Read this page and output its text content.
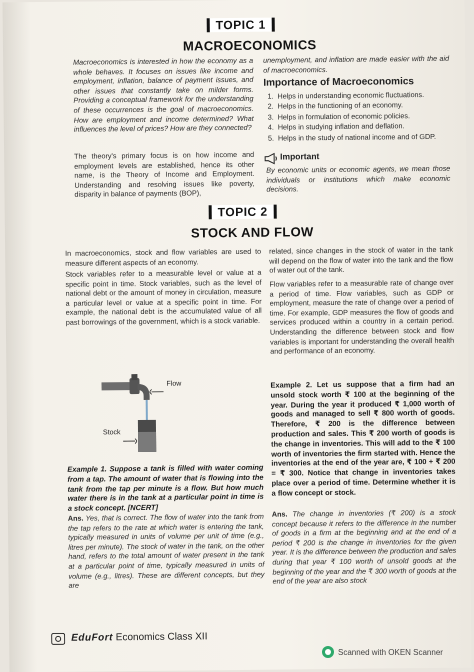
TOPIC 1
MACROECONOMICS
Macroeconomics is interested in how the economy as a whole behaves. It focuses on issues like income and employment, inflation, balance of payment issues, and other issues that constantly take on milder forms. Providing a conceptual framework for the understanding of these occurrences is the goal of macroeconomics. How are employment and income determined? What influences the level of prices? How are they connected?
The theory's primary focus is on how income and employment levels are established, hence its other name, is the Theory of Income and Employment. Understanding and resolving issues like poverty, disparity in balance of payments (BOP),
unemployment, and inflation are made easier with the aid of macroeconomics.
Importance of Macroeconomics
1. Helps in understanding economic fluctuations.
2. Helps in the functioning of an economy.
3. Helps in formulation of economic policies.
4. Helps in studying inflation and deflation.
5. Helps in the study of national income and of GDP.
Important
By economic units or economic agents, we mean those individuals or institutions which make economic decisions.
TOPIC 2
STOCK AND FLOW
In macroeconomics, stock and flow variables are used to measure different aspects of an economy.
Stock variables refer to a measurable level or value at a specific point in time. Stock variables, such as the level of national debt or the amount of money in circulation, measure a particular level or value at a specific point in time. For example, the national debt is the accumulated value of all past borrowings of the government, which is a stock variable.
Flow
Stock
Example 1. Suppose a tank is filled with water coming from a tap. The amount of water that is flowing into the tank from the tap per minute is a flow. But how much water there is in the tank at a particular point in time is a stock concept. [NCERT]
Ans. Yes, that is correct. The flow of water into the tank from the tap refers to the rate at which water is entering the tank, typically measured in units of volume per unit of time (e.g., litres per minute). The stock of water in the tank, on the other hand, refers to the total amount of water present in the tank at a particular point of time, typically measured in units of volume (e.g., litres). These are different concepts, but they are
related, since changes in the stock of water in the tank will depend on the flow of water into the tank and the flow of water out of the tank.
Flow variables refer to a measurable rate of change over a period of time. Flow variables, such as GDP or employment, measure the rate of change over a period of time. For example, GDP measures the flow of goods and services produced within a country in a certain period. Understanding the difference between stock and flow variables is important for understanding the overall health and performance of an economy.
Example 2. Let us suppose that a firm had an unsold stock worth ₹ 100 at the beginning of the year. During the year it produced ₹ 1,000 worth of goods and managed to sell ₹ 800 worth of goods. Therefore, ₹ 200 is the difference between production and sales. This ₹ 200 worth of goods is the change in inventories. This will add to the ₹ 100 worth of inventories the firm started with. Hence the inventories at the end of the year are, ₹ 100 + ₹ 200 = ₹ 300. Notice that change in inventories takes place over a period of time. Determine whether it is a flow concept or stock.
Ans. The change in inventories (₹ 200) is a stock concept because it refers to the difference in the number of goods in a firm at the beginning and at the end of a period ₹ 200 is the change in inventories for the given year. It is the difference between the production and sales during that year ₹ 100 worth of unsold goods at the beginning of the year and the ₹ 300 worth of goods at the end of the year are also stock
EduFort Economics Class XII
Scanned with OKEN Scanner
